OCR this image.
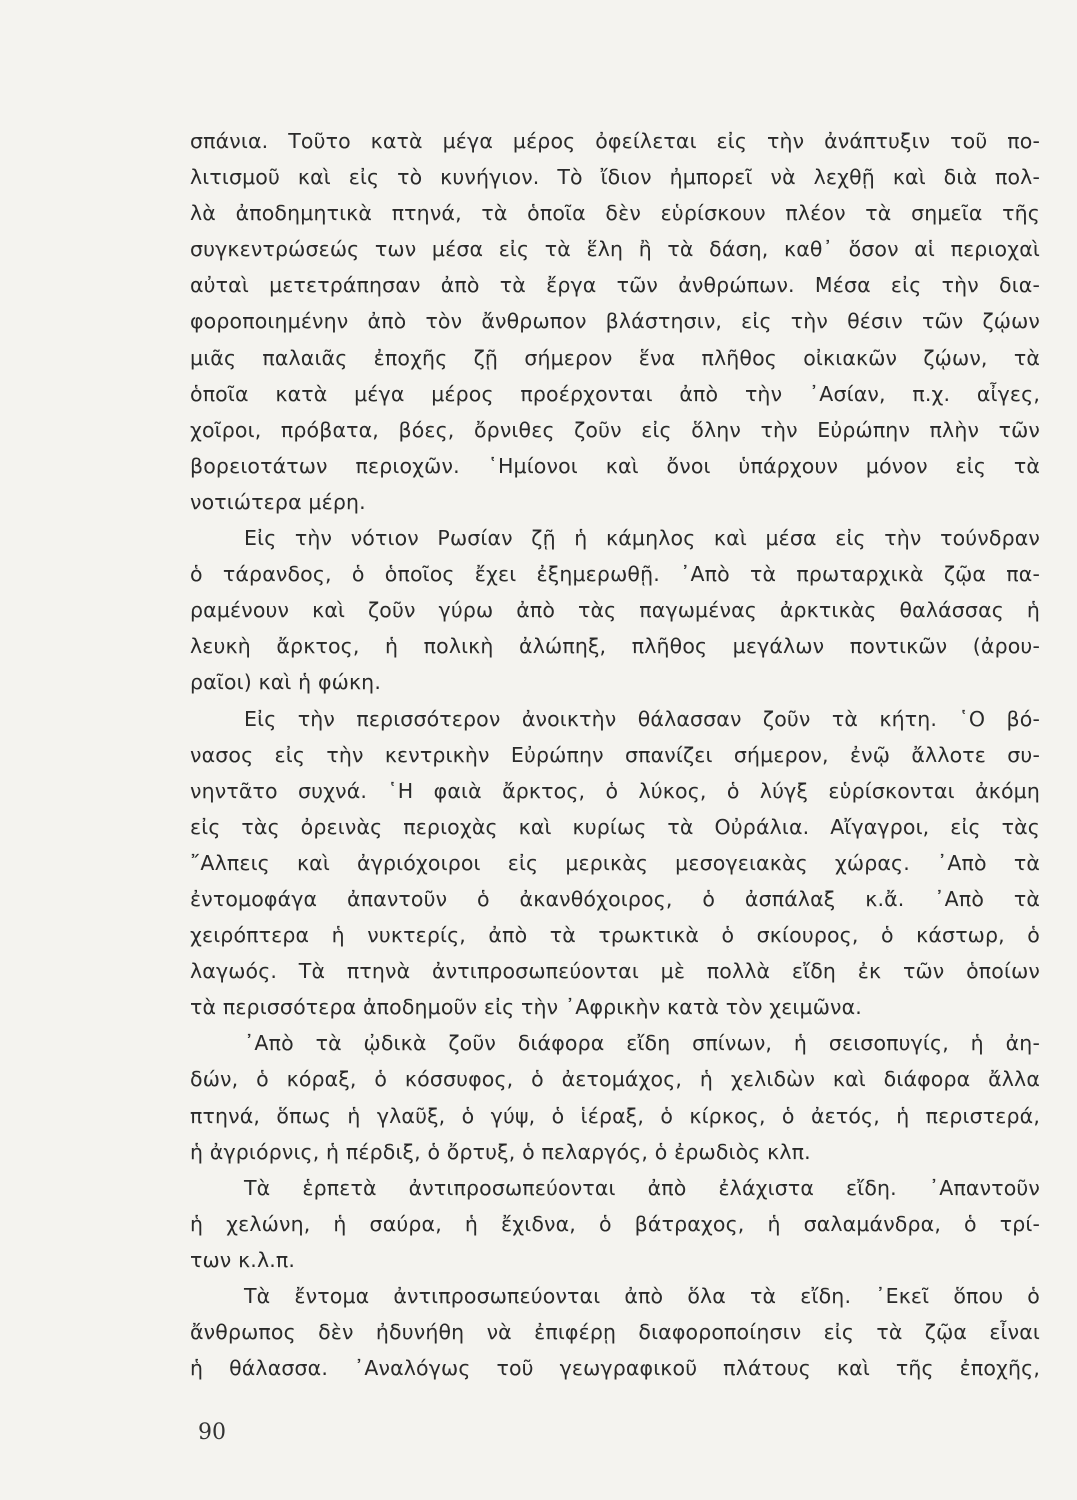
σπάνια. Τοῦτο κατὰ μέγα μέρος ὀφείλεται εἰς τὴν ἀνάπτυξιν τοῦ πο-
λιτισμοῦ καὶ εἰς τὸ κυνήγιον. Τὸ ἴδιον ἠμπορεῖ νὰ λεχθῇ καὶ διὰ πολ-
λὰ ἀποδημητικὰ πτηνά, τὰ ὁποῖα δὲν εὑρίσκουν πλέον τὰ σημεῖα τῆς
συγκεντρώσεώς των μέσα εἰς τὰ ἕλη ἢ τὰ δάση, καθ᾽ ὅσον αἱ περιοχαὶ
αὐταὶ μετετράπησαν ἀπὸ τὰ ἔργα τῶν ἀνθρώπων. Μέσα εἰς τὴν δια-
φοροποιημένην ἀπὸ τὸν ἄνθρωπον βλάστησιν, εἰς τὴν θέσιν τῶν ζῴων
μιᾶς παλαιᾶς ἐποχῆς ζῇ σήμερον ἕνα πλῆθος οἰκιακῶν ζῴων, τὰ
ὁποῖα κατὰ μέγα μέρος προέρχονται ἀπὸ τὴν ᾿Ασίαν, π.χ. αἶγες,
χοῖροι, πρόβατα, βόες, ὄρνιθες ζοῦν εἰς ὅλην τὴν Εὐρώπην πλὴν τῶν
βορειοτάτων περιοχῶν. ῾Ημίονοι καὶ ὄνοι ὑπάρχουν μόνον εἰς τὰ
νοτιώτερα μέρη.
Εἰς τὴν νότιον Ρωσίαν ζῇ ἡ κάμηλος καὶ μέσα εἰς τὴν τούνδραν
ὁ τάρανδος, ὁ ὁποῖος ἔχει ἐξημερωθῇ. ᾿Απὸ τὰ πρωταρχικὰ ζῷα πα-
ραμένουν καὶ ζοῦν γύρω ἀπὸ τὰς παγωμένας ἀρκτικὰς θαλάσσας ἡ
λευκὴ ἄρκτος, ἡ πολικὴ ἀλώπηξ, πλῆθος μεγάλων ποντικῶν (ἀρου-
ραῖοι) καὶ ἡ φώκη.
Εἰς τὴν περισσότερον ἀνοικτὴν θάλασσαν ζοῦν τὰ κήτη. ῾Ο βό-
νασος εἰς τὴν κεντρικὴν Εὐρώπην σπανίζει σήμερον, ἐνῷ ἄλλοτε συ-
νηντᾶτο συχνά. ῾Η φαιὰ ἄρκτος, ὁ λύκος, ὁ λύγξ εὑρίσκονται ἀκόμη
εἰς τὰς ὀρεινὰς περιοχὰς καὶ κυρίως τὰ Οὐράλια. Αἴγαγροι, εἰς τὰς
῎Αλπεις καὶ ἀγριόχοιροι εἰς μερικὰς μεσογειακὰς χώρας. ᾿Απὸ τὰ
ἐντομοφάγα ἀπαντοῦν ὁ ἀκανθόχοιρος, ὁ ἀσπάλαξ κ.ἄ. ᾿Απὸ τὰ
χειρόπτερα ἡ νυκτερίς, ἀπὸ τὰ τρωκτικὰ ὁ σκίουρος, ὁ κάστωρ, ὁ
λαγωός. Τὰ πτηνὰ ἀντιπροσωπεύονται μὲ πολλὰ εἴδη ἐκ τῶν ὁποίων
τὰ περισσότερα ἀποδημοῦν εἰς τὴν ᾿Αφρικὴν κατὰ τὸν χειμῶνα.
᾿Απὸ τὰ ᾠδικὰ ζοῦν διάφορα εἴδη σπίνων, ἡ σεισοπυγίς, ἡ ἀη-
δών, ὁ κόραξ, ὁ κόσσυφος, ὁ ἀετομάχος, ἡ χελιδὼν καὶ διάφορα ἄλλα
πτηνά, ὅπως ἡ γλαῦξ, ὁ γύψ, ὁ ἱέραξ, ὁ κίρκος, ὁ ἀετός, ἡ περιστερά,
ἡ ἀγριόρνις, ἡ πέρδιξ, ὁ ὄρτυξ, ὁ πελαργός, ὁ ἐρωδιὸς κλπ.
Τὰ ἑρπετὰ ἀντιπροσωπεύονται ἀπὸ ἐλάχιστα εἴδη. ᾿Απαντοῦν
ἡ χελώνη, ἡ σαύρα, ἡ ἔχιδνα, ὁ βάτραχος, ἡ σαλαμάνδρα, ὁ τρί-
των κ.λ.π.
Τὰ ἔντομα ἀντιπροσωπεύονται ἀπὸ ὅλα τὰ εἴδη. ᾿Εκεῖ ὅπου ὁ
ἄνθρωπος δὲν ἠδυνήθη νὰ ἐπιφέρῃ διαφοροποίησιν εἰς τὰ ζῷα εἶναι
ἡ θάλασσα. ᾿Αναλόγως τοῦ γεωγραφικοῦ πλάτους καὶ τῆς ἐποχῆς,
90
